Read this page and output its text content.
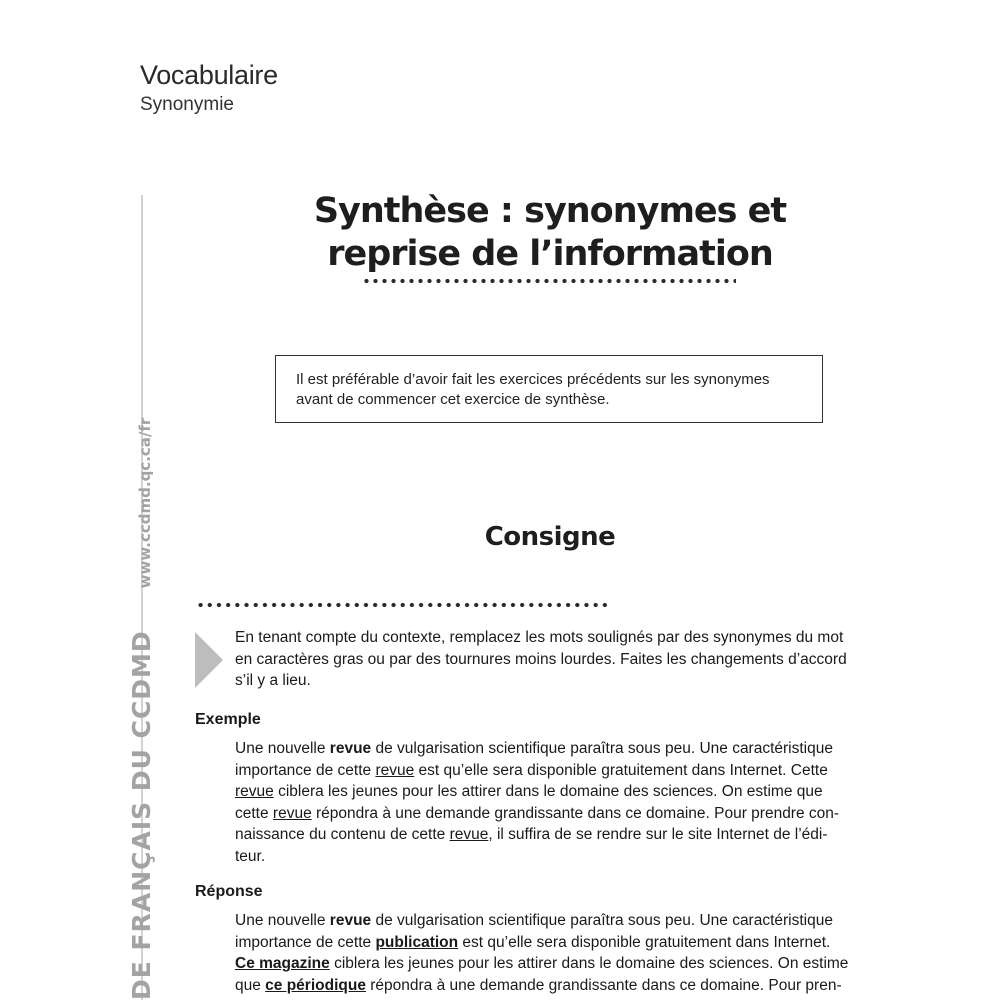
Vocabulaire
Synonymie
DE FRANÇAIS DU CCDMD
www.ccdmd.qc.ca/fr
Synthèse : synonymes et
reprise de l’information
Il est préférable d’avoir fait les exercices précédents sur les synonymes
avant de commencer cet exercice de synthèse.
Consigne
En tenant compte du contexte, remplacez les mots soulignés par des synonymes du mot
en caractères gras ou par des tournures moins lourdes. Faites les changements d’accord
s’il y a lieu.
Exemple
Une nouvelle revue de vulgarisation scientifique paraîtra sous peu. Une caractéristique
importance de cette revue est qu’elle sera disponible gratuitement dans Internet. Cette
revue ciblera les jeunes pour les attirer dans le domaine des sciences. On estime que
cette revue répondra à une demande grandissante dans ce domaine. Pour prendre con-
naissance du contenu de cette revue, il suffira de se rendre sur le site Internet de l’édi-
teur.
Réponse
Une nouvelle revue de vulgarisation scientifique paraîtra sous peu. Une caractéristique
importance de cette publication est qu’elle sera disponible gratuitement dans Internet.
Ce magazine ciblera les jeunes pour les attirer dans le domaine des sciences. On estime
que ce périodique répondra à une demande grandissante dans ce domaine. Pour pren-
